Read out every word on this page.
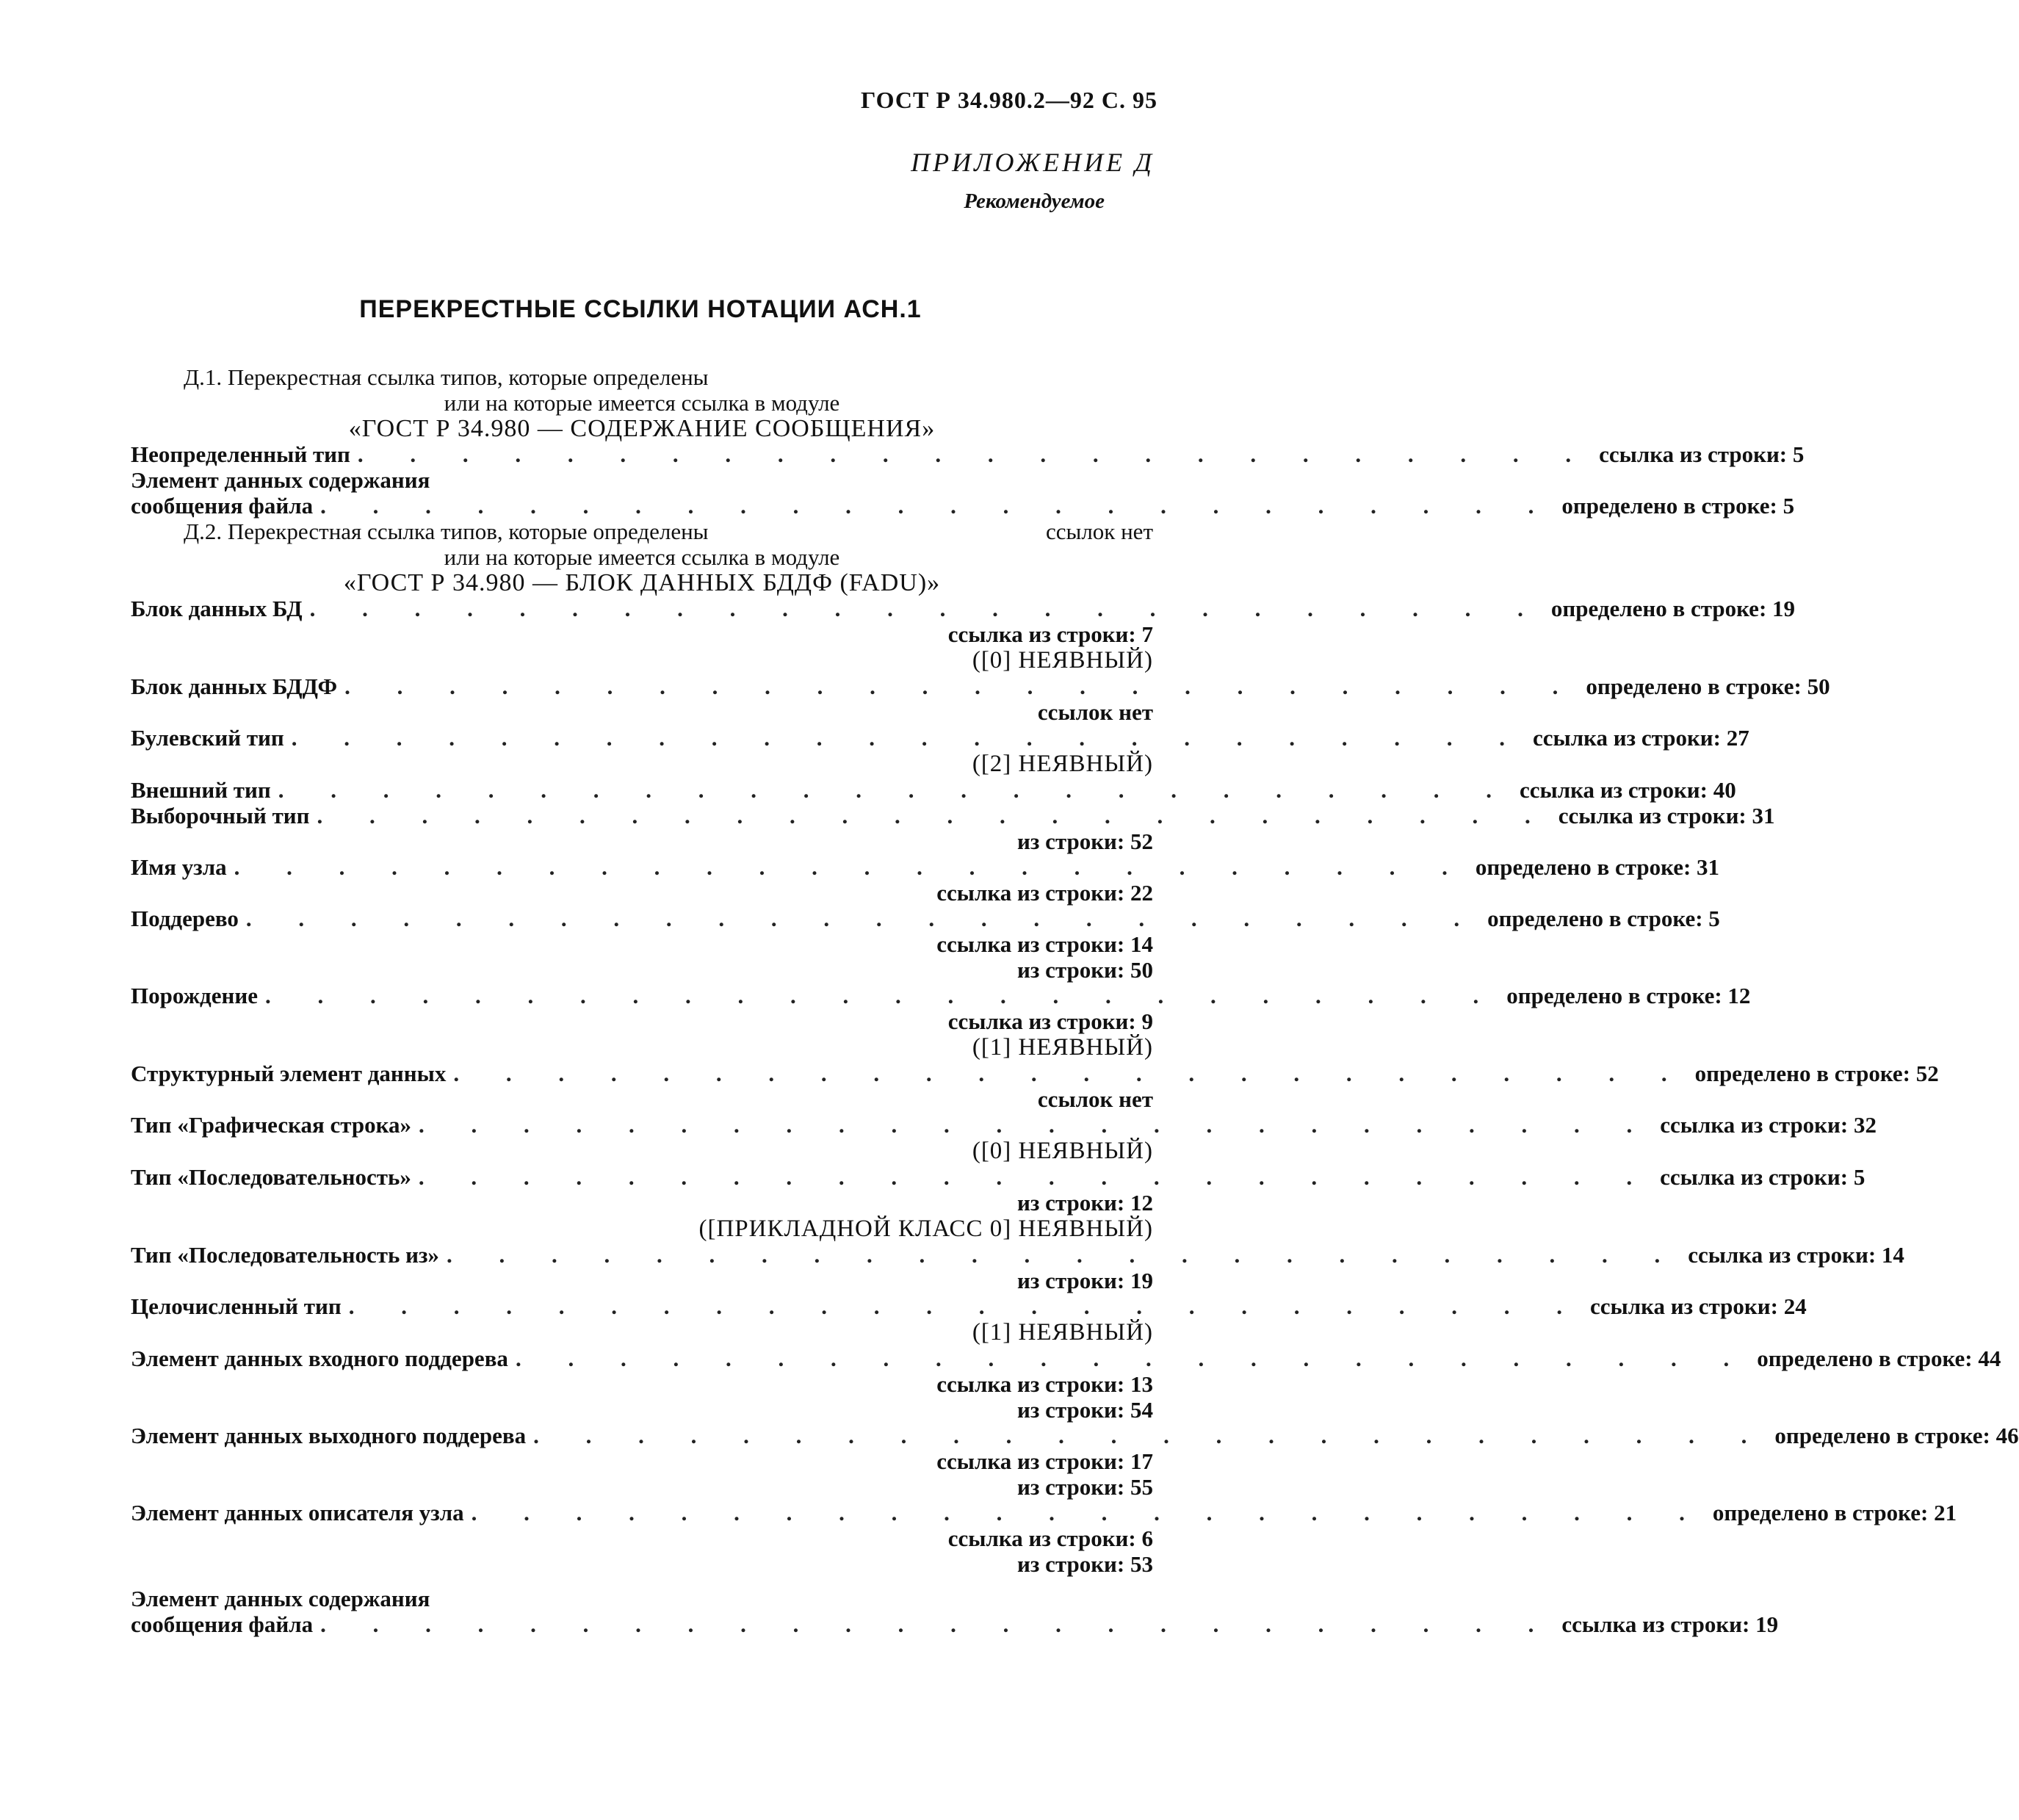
ГОСТ Р 34.980.2—92 С. 95
ПРИЛОЖЕНИЕ Д
Рекомендуемое
ПЕРЕКРЕСТНЫЕ ССЫЛКИ НОТАЦИИ АСН.1
Д.1. Перекрестная ссылка типов, которые определены
или на которые имеется ссылка в модуле
«ГОСТ Р 34.980 — СОДЕРЖАНИЕ СООБЩЕНИЯ»
Неопределенный тип . . . . . . . . . . . . . . . . . . . . . . . . ссылка из строки: 5
Элемент данных содержания
сообщения файла . . . . . . . . . . . . . . . . . . . . . . . . определено в строке: 5
Д.2. Перекрестная ссылка типов, которые определены	ссылок нет
или на которые имеется ссылка в модуле
«ГОСТ Р 34.980 — БЛОК ДАННЫХ БДДФ (FADU)»
Блок данных БД . . . . . . . . . . . . . . . . . . . . . . . . определено в строке: 19
ссылка из строки: 7
([0] НЕЯВНЫЙ)
Блок данных БДДФ . . . . . . . . . . . . . . . . . . . . . . . . определено в строке: 50
ссылок нет
Булевский тип . . . . . . . . . . . . . . . . . . . . . . . . ссылка из строки: 27
([2] НЕЯВНЫЙ)
Внешний тип . . . . . . . . . . . . . . . . . . . . . . . . ссылка из строки: 40
Выборочный тип . . . . . . . . . . . . . . . . . . . . . . . . ссылка из строки: 31
из строки: 52
Имя узла . . . . . . . . . . . . . . . . . . . . . . . . определено в строке: 31
ссылка из строки: 22
Поддерево . . . . . . . . . . . . . . . . . . . . . . . . определено в строке: 5
ссылка из строки: 14
из строки: 50
Порождение . . . . . . . . . . . . . . . . . . . . . . . . определено в строке: 12
ссылка из строки: 9
([1] НЕЯВНЫЙ)
Структурный элемент данных . . . . . . . . . . . . . . . . . . . . . . . . определено в строке: 52
ссылок нет
Тип «Графическая строка» . . . . . . . . . . . . . . . . . . . . . . . . ссылка из строки: 32
([0] НЕЯВНЫЙ)
Тип «Последовательность» . . . . . . . . . . . . . . . . . . . . . . . . ссылка из строки: 5
из строки: 12
([ПРИКЛАДНОЙ КЛАСС 0] НЕЯВНЫЙ)
Тип «Последовательность из» . . . . . . . . . . . . . . . . . . . . . . . . ссылка из строки: 14
из строки: 19
Целочисленный тип . . . . . . . . . . . . . . . . . . . . . . . . ссылка из строки: 24
([1] НЕЯВНЫЙ)
Элемент данных входного поддерева . . . . . . . . . . . . . . . . . . . . . . . . определено в строке: 44
ссылка из строки: 13
из строки: 54
Элемент данных выходного поддерева . . . . . . . . . . . . . . . . . . . . . . . . определено в строке: 46
ссылка из строки: 17
из строки: 55
Элемент данных описателя узла . . . . . . . . . . . . . . . . . . . . . . . . определено в строке: 21
ссылка из строки: 6
из строки: 53
Элемент данных содержания
сообщения файла . . . . . . . . . . . . . . . . . . . . . . . . ссылка из строки: 19
